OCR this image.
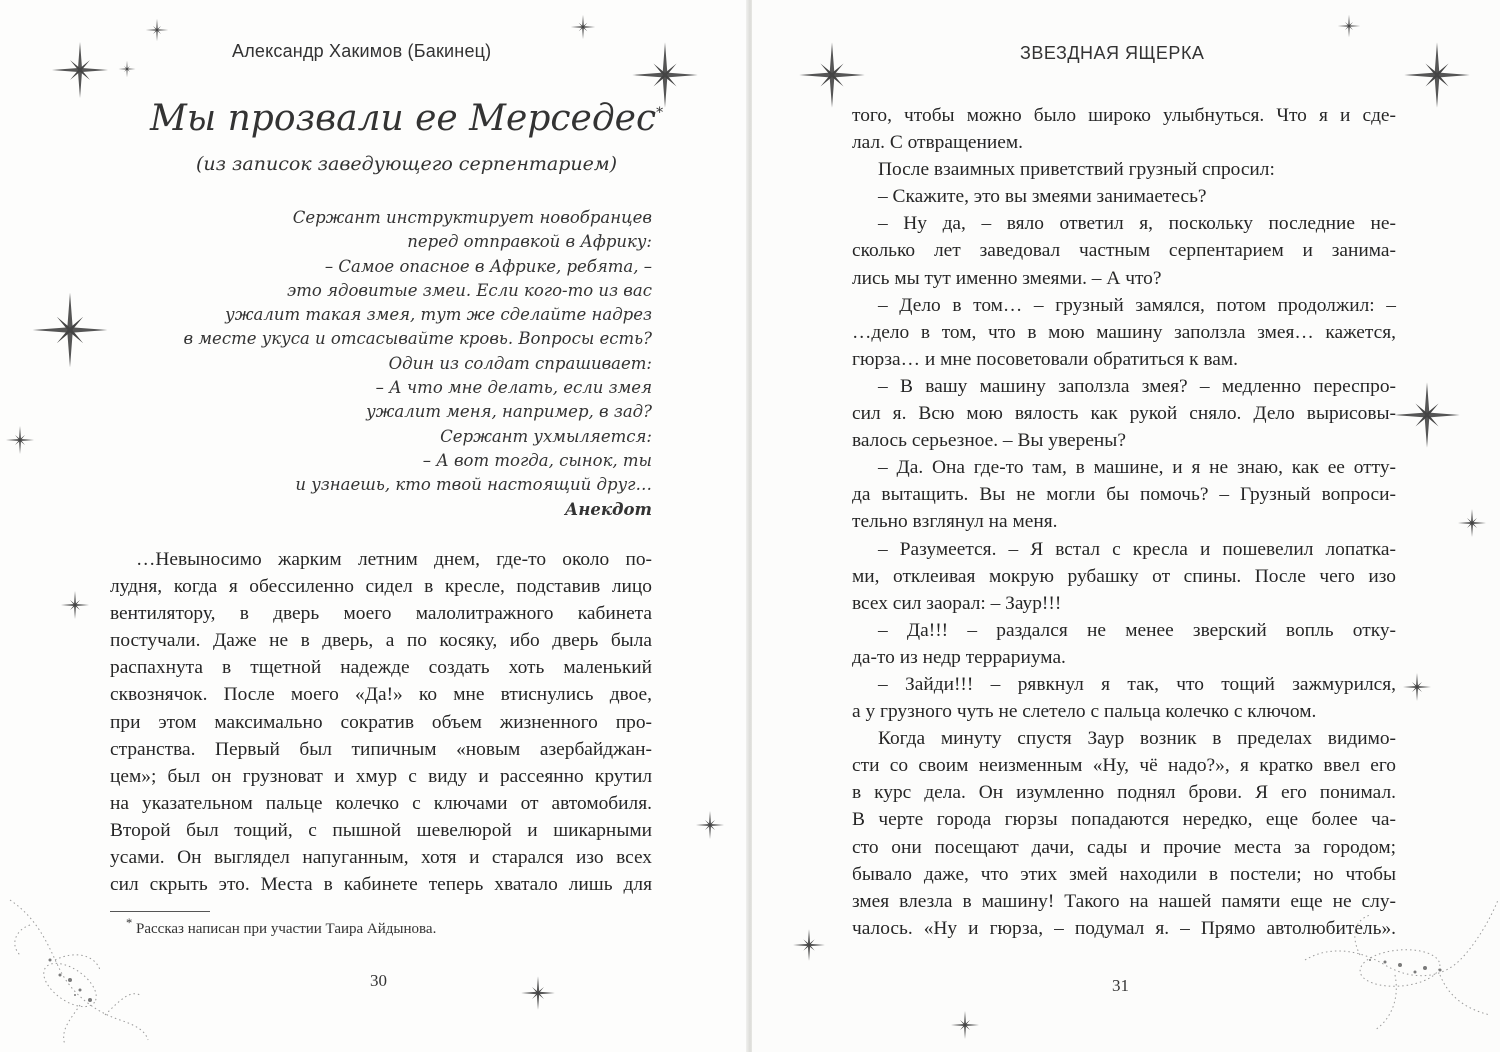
Александр Хакимов (Бакинец)
Мы прозвали ее Мерседес*
(из записок заведующего серпентарием)
Сержант инструктирует новобранцев
перед отправкой в Африку:
– Самое опасное в Африке, ребята, –
это ядовитые змеи. Если кого-то из вас
ужалит такая змея, тут же сделайте надрез
в месте укуса и отсасывайте кровь. Вопросы есть?
Один из солдат спрашивает:
– А что мне делать, если змея
ужалит меня, например, в зад?
Сержант ухмыляется:
– А вот тогда, сынок, ты
и узнаешь, кто твой настоящий друг…
Анекдот
…Невыносимо жарким летним днем, где-то около по-
лудня, когда я обессиленно сидел в кресле, подставив лицо
вентилятору, в дверь моего малолитражного кабинета
постучали. Даже не в дверь, а по косяку, ибо дверь была
распахнута в тщетной надежде создать хоть маленький
сквознячок. После моего «Да!» ко мне втиснулись двое,
при этом максимально сократив объем жизненного про-
странства. Первый был типичным «новым азербайджан-
цем»; был он грузноват и хмур с виду и рассеянно крутил
на указательном пальце колечко с ключами от автомобиля.
Второй был тощий, с пышной шевелюрой и шикарными
усами. Он выглядел напуганным, хотя и старался изо всех
сил скрыть это. Места в кабинете теперь хватало лишь для
* Рассказ написан при участии Таира Айдынова.
30
ЗВЕЗДНАЯ ЯЩЕРКА
того, чтобы можно было широко улыбнуться. Что я и сде-
лал. С отвращением.
После взаимных приветствий грузный спросил:
– Скажите, это вы змеями занимаетесь?
– Ну да, – вяло ответил я, поскольку последние не-
сколько лет заведовал частным серпентарием и занима-
лись мы тут именно змеями. – А что?
– Дело в том… – грузный замялся, потом продолжил: –
…дело в том, что в мою машину заползла змея… кажется,
гюрза… и мне посоветовали обратиться к вам.
– В вашу машину заползла змея? – медленно переспро-
сил я. Всю мою вялость как рукой сняло. Дело вырисовы-
валось серьезное. – Вы уверены?
– Да. Она где-то там, в машине, и я не знаю, как ее отту-
да вытащить. Вы не могли бы помочь? – Грузный вопроси-
тельно взглянул на меня.
– Разумеется. – Я встал с кресла и пошевелил лопатка-
ми, отклеивая мокрую рубашку от спины. После чего изо
всех сил заорал: – Заур!!!
– Да!!! – раздался не менее зверский вопль отку-
да-то из недр террариума.
– Зайди!!! – рявкнул я так, что тощий зажмурился,
а у грузного чуть не слетело с пальца колечко с ключом.
Когда минуту спустя Заур возник в пределах видимо-
сти со своим неизменным «Ну, чё надо?», я кратко ввел его
в курс дела. Он изумленно поднял брови. Я его понимал.
В черте города гюрзы попадаются нередко, еще более ча-
сто они посещают дачи, сады и прочие места за городом;
бывало даже, что этих змей находили в постели; но чтобы
змея влезла в машину! Такого на нашей памяти еще не слу-
чалось. «Ну и гюрза, – подумал я. – Прямо автолюбитель».
31
